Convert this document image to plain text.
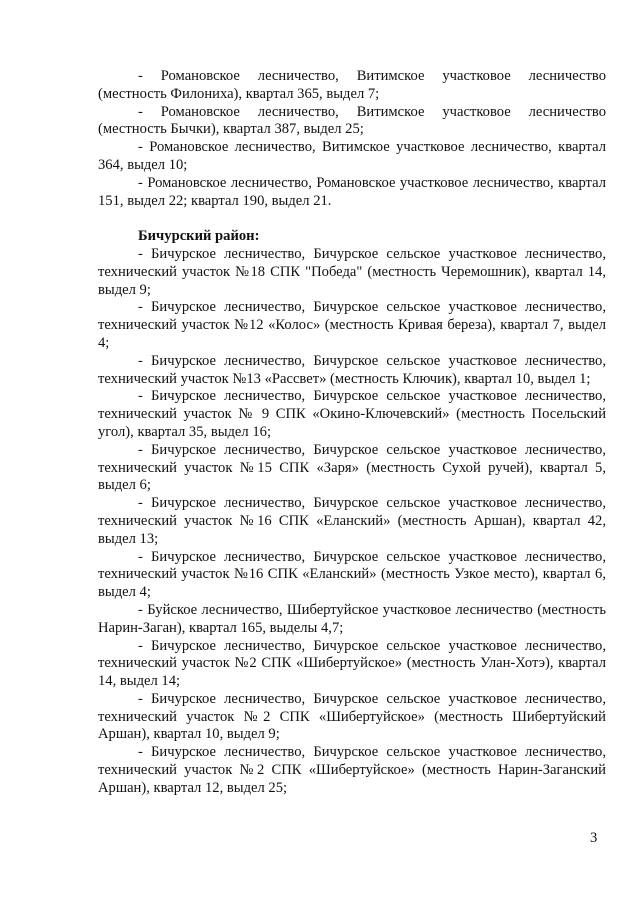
- Романовское лесничество, Витимское участковое лесничество (местность Филониха), квартал 365, выдел 7;

- Романовское лесничество, Витимское участковое лесничество (местность Бычки), квартал 387, выдел 25;

- Романовское лесничество, Витимское участковое лесничество, квартал 364, выдел 10;

- Романовское лесничество, Романовское участковое лесничество, квартал 151, выдел 22; квартал 190, выдел 21.

Бичурский район:

- Бичурское лесничество, Бичурское сельское участковое лесничество, технический участок №18 СПК "Победа" (местность Черемошник), квартал 14, выдел 9;

- Бичурское лесничество, Бичурское сельское участковое лесничество, технический участок №12 «Колос» (местность Кривая береза), квартал 7, выдел 4;

- Бичурское лесничество, Бичурское сельское участковое лесничество, технический участок №13 «Рассвет» (местность Ключик), квартал 10, выдел 1;

- Бичурское лесничество, Бичурское сельское участковое лесничество, технический участок № 9 СПК «Окино-Ключевский» (местность Посельский угол), квартал 35, выдел 16;

- Бичурское лесничество, Бичурское сельское участковое лесничество, технический участок №15 СПК «Заря» (местность Сухой ручей), квартал 5, выдел 6;

- Бичурское лесничество, Бичурское сельское участковое лесничество, технический участок №16 СПК «Еланский» (местность Аршан), квартал 42, выдел 13;

- Бичурское лесничество, Бичурское сельское участковое лесничество, технический участок №16 СПК «Еланский» (местность Узкое место), квартал 6, выдел 4;

- Буйское лесничество, Шибертуйское участковое лесничество (местность Нарин-Заган), квартал 165, выделы 4,7;

- Бичурское лесничество, Бичурское сельское участковое лесничество, технический участок №2 СПК «Шибертуйское» (местность Улан-Хотэ), квартал 14, выдел 14;

- Бичурское лесничество, Бичурское сельское участковое лесничество, технический участок №2 СПК «Шибертуйское» (местность Шибертуйский Аршан), квартал 10, выдел 9;

- Бичурское лесничество, Бичурское сельское участковое лесничество, технический участок №2 СПК «Шибертуйское» (местность Нарин-Заганский Аршан), квартал 12, выдел 25;

3
